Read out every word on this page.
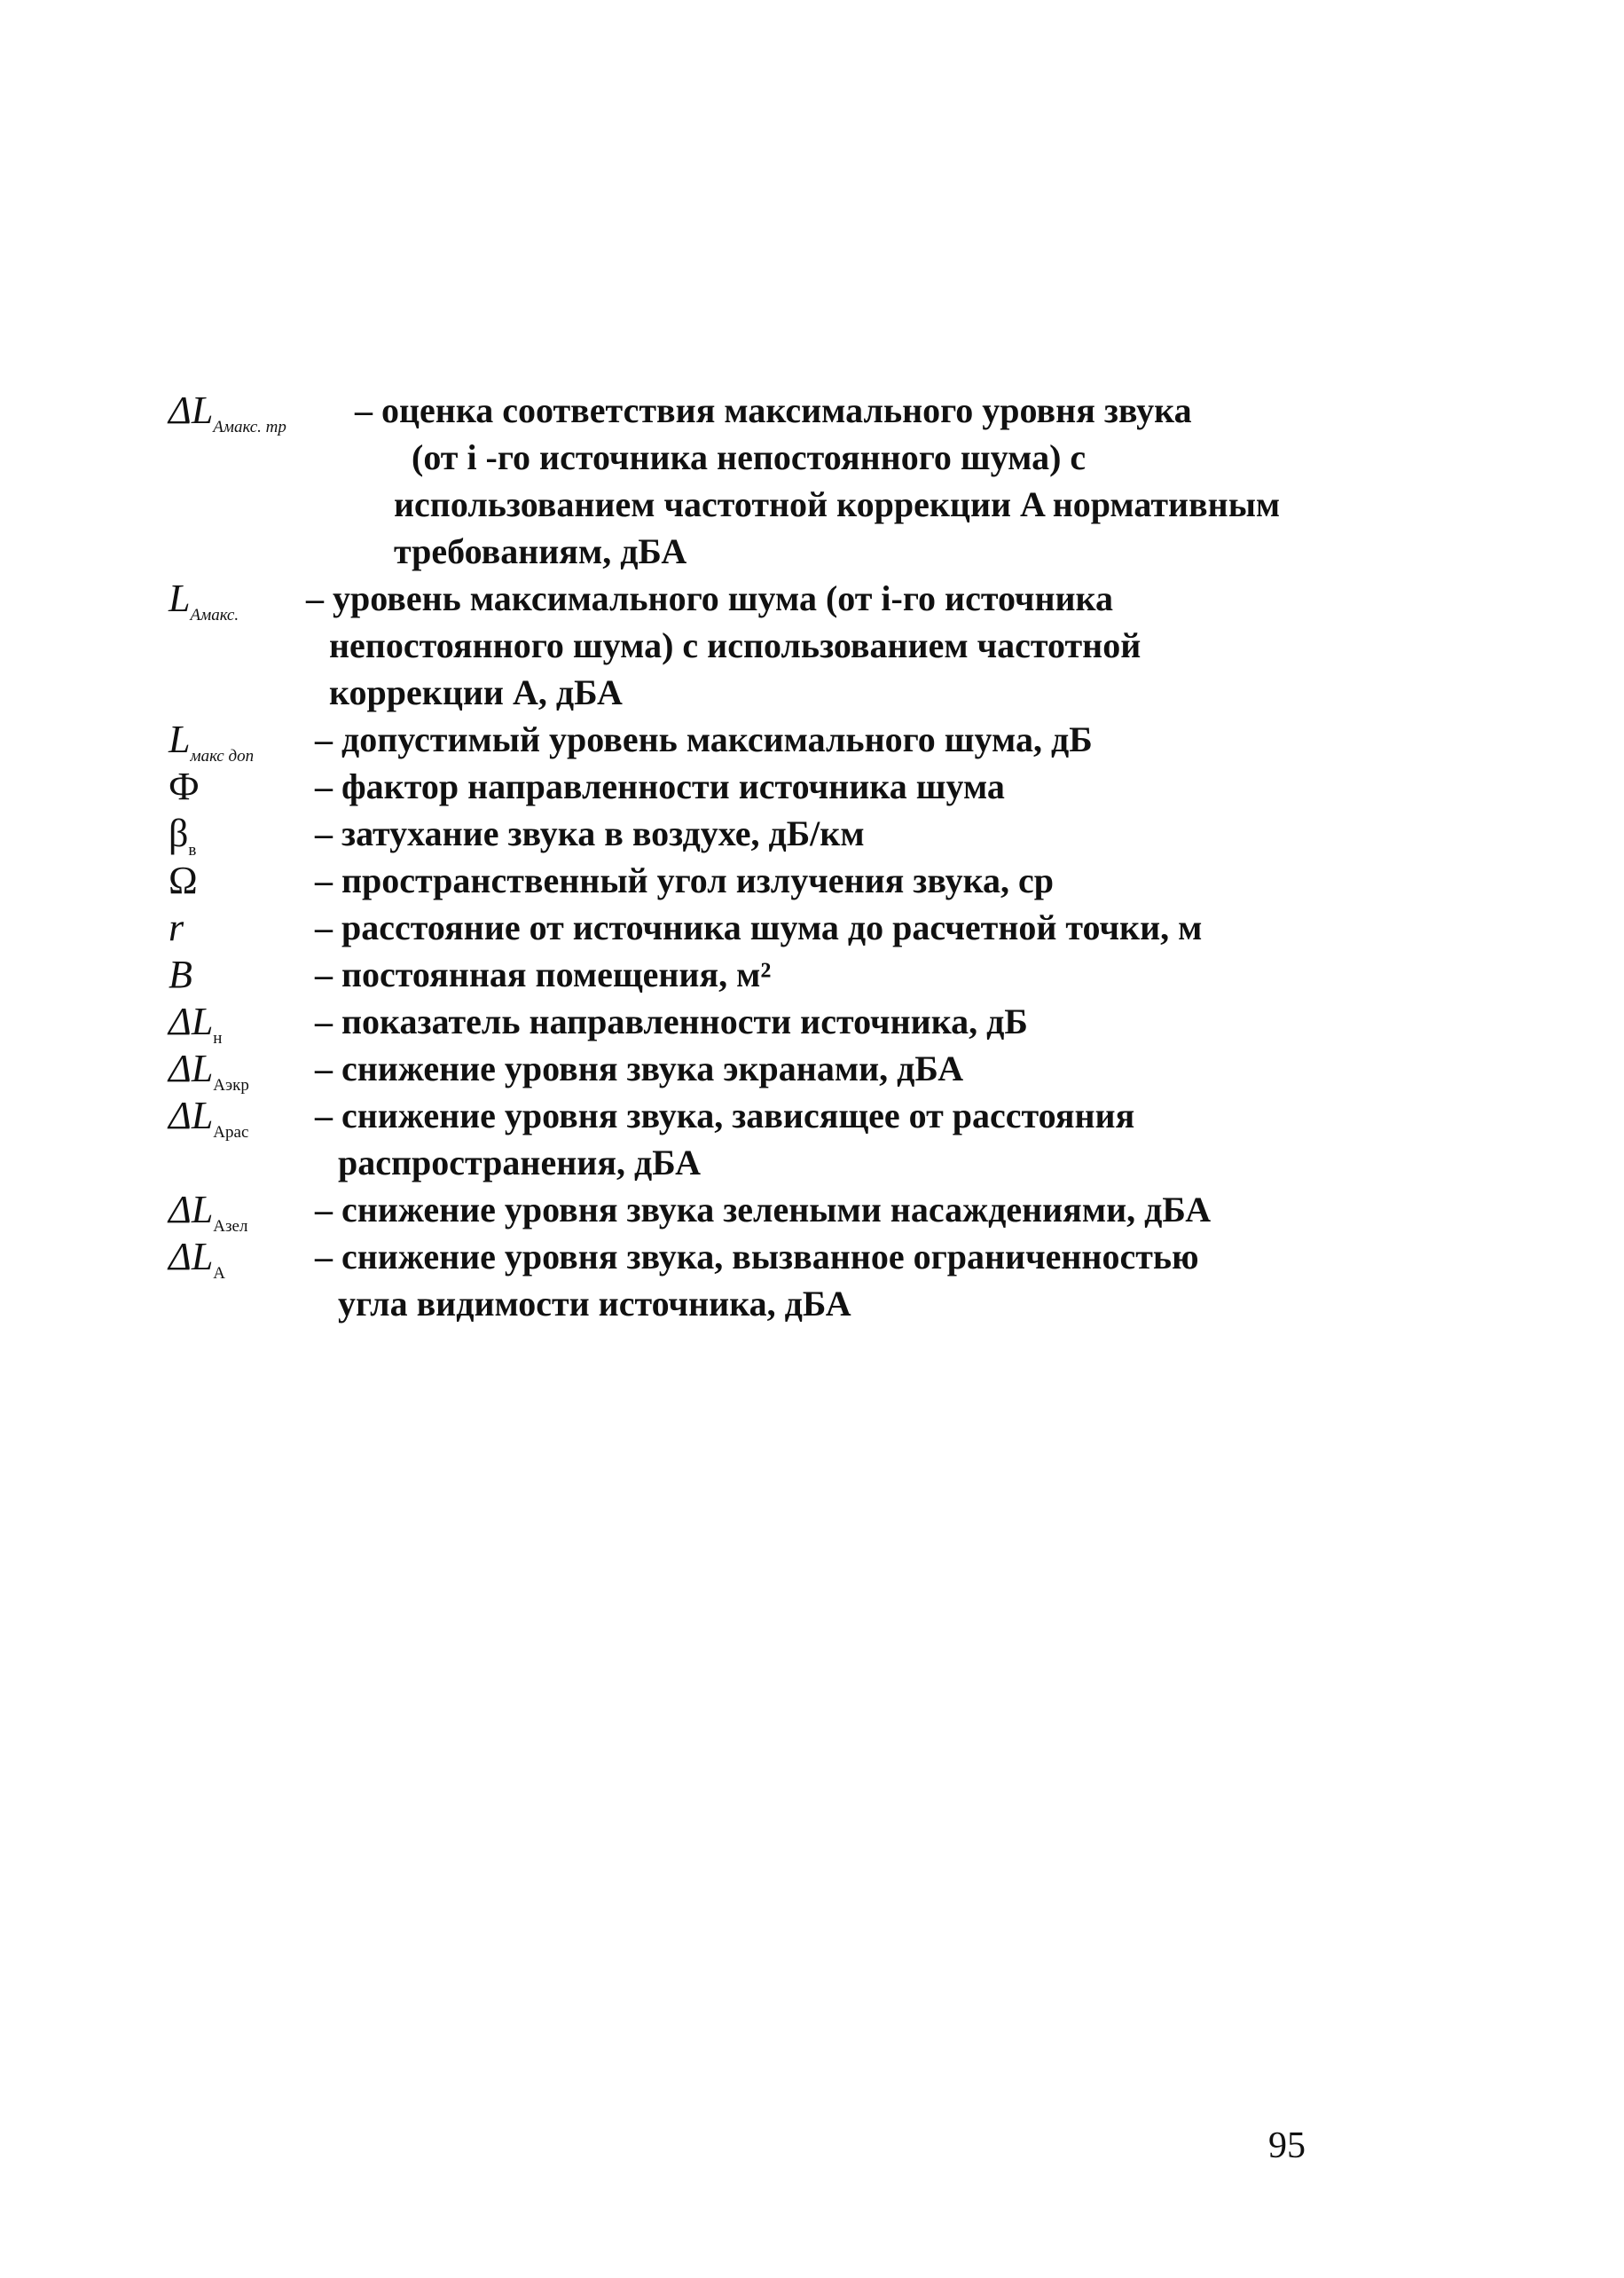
$\Delta L_{Амакс. тр}$	– оценка соответствия максимального уровня звука
(от i -го источника непостоянного шума) с
использованием частотной коррекции A нормативным
требованиям, дБА
$L_{Амакс.}$	– уровень максимального шума (от i-го источника
непостоянного шума) с использованием частотной
коррекции A, дБА
$L_{макс доп}$	– допустимый уровень максимального шума, дБ
Ф	– фактор направленности источника шума
$\beta_в$	– затухание звука в воздухе, дБ/км
Ω	– пространственный угол излучения звука, ср
r	– расстояние от источника шума до расчетной точки, м
B	– постоянная помещения, м²
$\Delta L_н$	– показатель направленности источника, дБ
$\Delta L_{Аэкр}$	– снижение уровня звука экранами, дБА
$\Delta L_{Арас}$	– снижение уровня звука, зависящее от расстояния
распространения, дБА
$\Delta L_{Азел}$	– снижение уровня звука зелеными насаждениями, дБА
$\Delta L_А$	– снижение уровня звука, вызванное ограниченностью
угла видимости источника, дБА
95
